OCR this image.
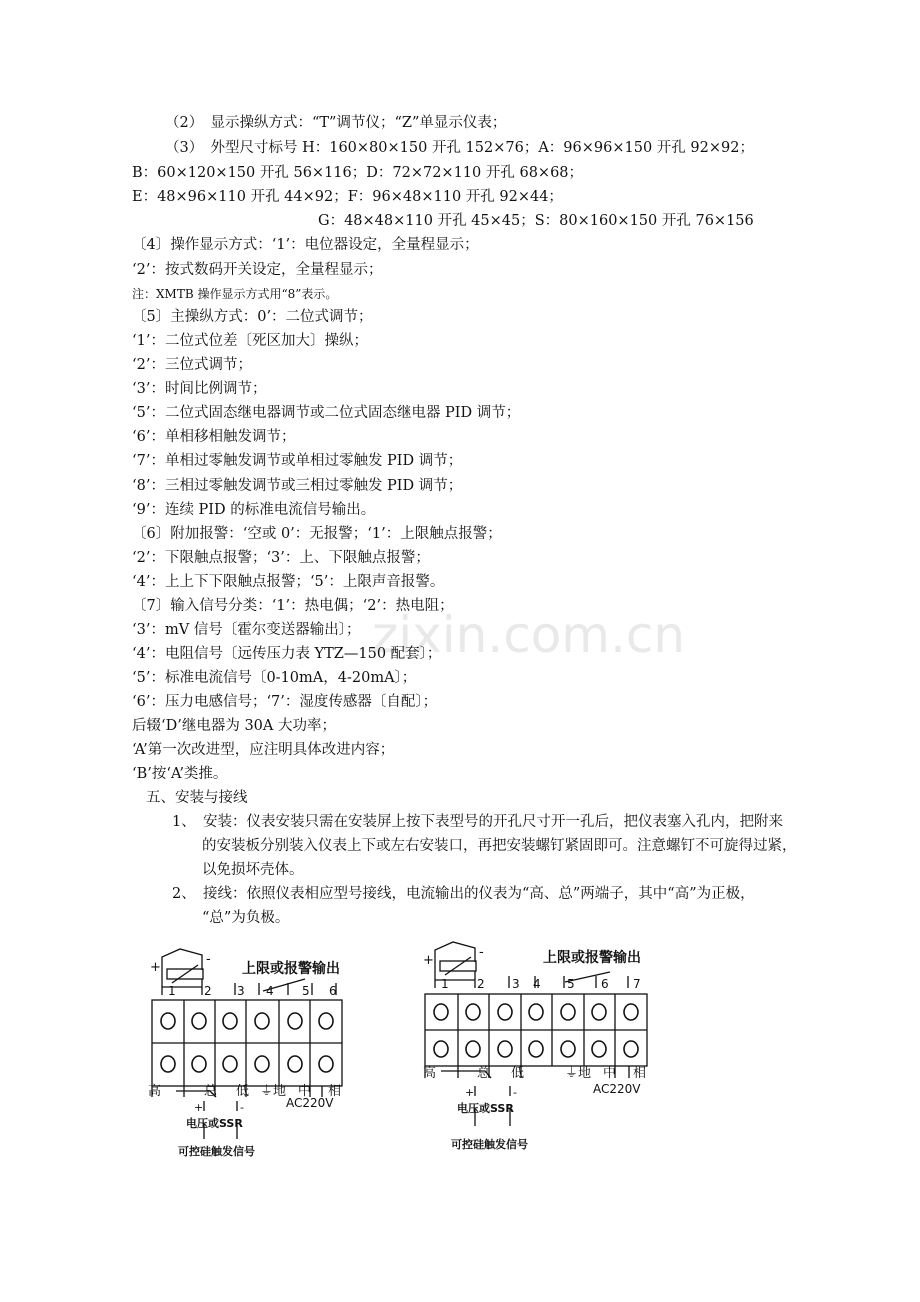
zixin.com.cn
（2）　显示操纵方式：“T”调节仪；“Z”单显示仪表；
（3）　外型尺寸标号 H：160×80×150 开孔 152×76；A：96×96×150 开孔 92×92；
B：60×120×150 开孔 56×116；D：72×72×110 开孔 68×68；
E：48×96×110 开孔 44×92；F：96×48×110 开孔 92×44；
G：48×48×110 开孔 45×45；S：80×160×150 开孔 76×156
〔4〕操作显示方式：‘1’：电位器设定，全量程显示；
‘2’：按式数码开关设定，全量程显示；
注：XMTB 操作显示方式用“8”表示。
〔5〕主操纵方式：0’：二位式调节；
‘1’：二位式位差〔死区加大〕操纵；
‘2’：三位式调节；
‘3’：时间比例调节；
‘5’：二位式固态继电器调节或二位式固态继电器 PID 调节；
‘6’：单相移相触发调节；
‘7’：单相过零触发调节或单相过零触发 PID 调节；
‘8’：三相过零触发调节或三相过零触发 PID 调节；
‘9’：连续 PID 的标准电流信号输出。
〔6〕附加报警：‘空或 0’：无报警；‘1’：上限触点报警；
‘2’：下限触点报警；‘3’：上、下限触点报警；
‘4’：上上下下限触点报警；‘5’：上限声音报警。
〔7〕输入信号分类：‘1’：热电偶；‘2’：热电阻；
‘3’：mV 信号〔霍尔变送器输出〕；
‘4’：电阻信号〔远传压力表 YTZ—150 配套〕；
‘5’：标准电流信号〔0-10mA，4-20mA〕；
‘6’：压力电感信号；‘7’：湿度传感器〔自配〕；
后辍‘D’继电器为 30A 大功率；
‘A’第一次改进型，应注明具体改进内容；
‘B’按‘A’类推。
五、安装与接线
1、　安装：仪表安装只需在安装屏上按下表型号的开孔尺寸开一孔后，把仪表塞入孔内，把附来
的安装板分别装入仪表上下或左右安装口，再把安装螺钉紧固即可。注意螺钉不可旋得过紧，
以免损坏壳体。
2、　接线：依照仪表相应型号接线，电流输出的仪表为“高、总”两端子，其中“高”为正极，
“总”为负极。
+
-
上限或报警输出
1 2 3 4 5 6
高	总 低 ⏚地 中 相
+	-	AC220V
电压或SSR
可控硅触发信号
+
-	上限或报警输出
1 2 3 4 5 6 7
高	总 低	⏚地 中 相
+	-	AC220V
电压或SSR
可控硅触发信号
